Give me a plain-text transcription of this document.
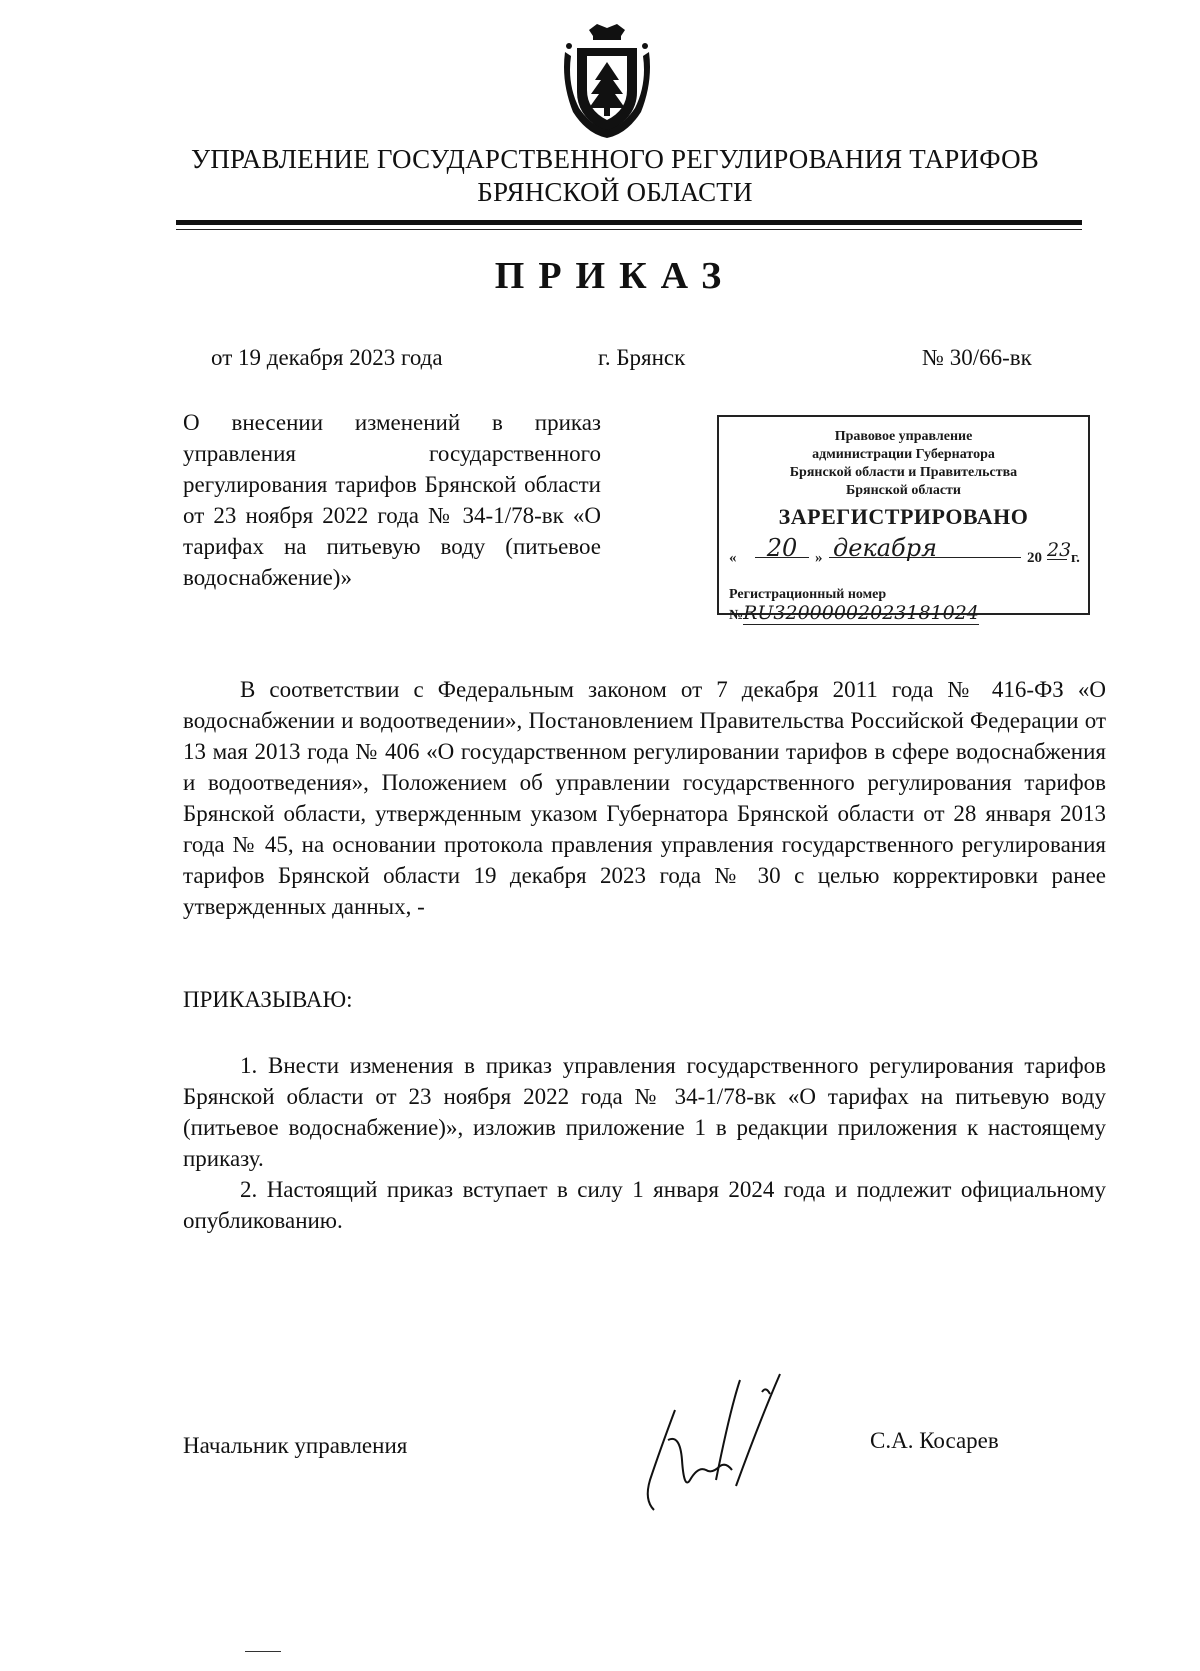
УПРАВЛЕНИЕ ГОСУДАРСТВЕННОГО РЕГУЛИРОВАНИЯ ТАРИФОВ
БРЯНСКОЙ ОБЛАСТИ
ПРИКАЗ
от 19 декабря 2023 года	г. Брянск	№ 30/66-вк
О внесении изменений в приказ управления государственного регулирования тарифов Брянской области от 23 ноября 2022 года № 34-1/78-вк «О тарифах на питьевую воду (питьевое водоснабжение)»
Правовое управление
администрации Губернатора
Брянской области и Правительства
Брянской области
ЗАРЕГИСТРИРОВАНО
«	20	» декабря	20 23 г.
Регистрационный номер №RU32000002023181024
В соответствии с Федеральным законом от 7 декабря 2011 года № 416-ФЗ «О водоснабжении и водоотведении», Постановлением Правительства Российской Федерации от 13 мая 2013 года № 406 «О государственном регулировании тарифов в сфере водоснабжения и водоотведения», Положением об управлении государственного регулирования тарифов Брянской области, утвержденным указом Губернатора Брянской области от 28 января 2013 года № 45, на основании протокола правления управления государственного регулирования тарифов Брянской области 19 декабря 2023 года № 30 с целью корректировки ранее утвержденных данных, -
ПРИКАЗЫВАЮ:

1. Внести изменения в приказ управления государственного регулирования тарифов Брянской области от 23 ноября 2022 года № 34-1/78-вк «О тарифах на питьевую воду (питьевое водоснабжение)», изложив приложение 1 в редакции приложения к настоящему приказу.

2. Настоящий приказ вступает в силу 1 января 2024 года и подлежит официальному опубликованию.

Начальник управления	С.А. Косарев
